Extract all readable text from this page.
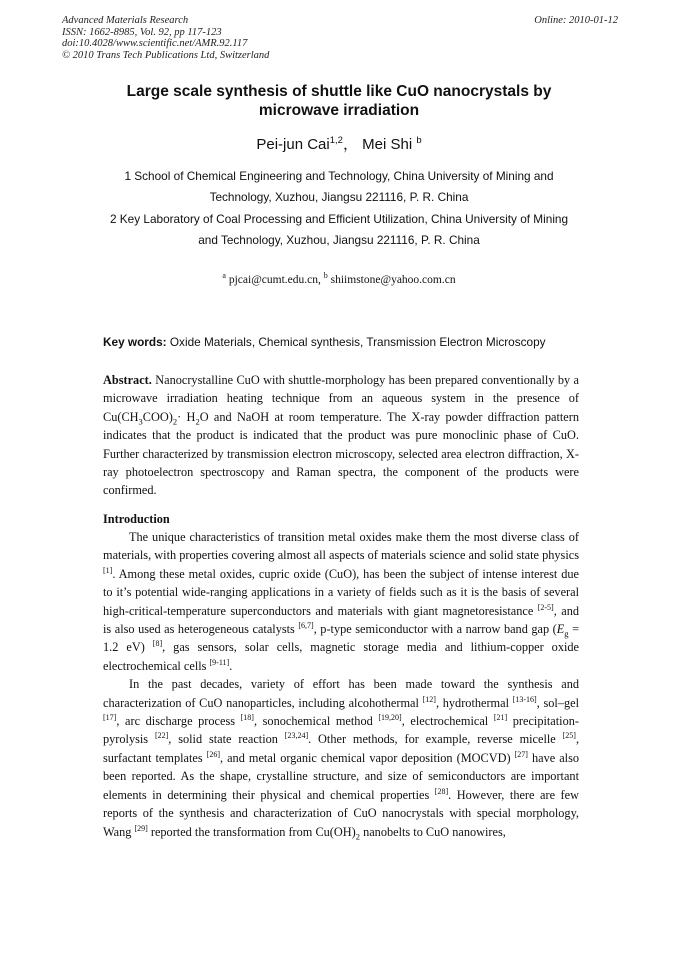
Advanced Materials Research
ISSN: 1662-8985, Vol. 92, pp 117-123
doi:10.4028/www.scientific.net/AMR.92.117
© 2010 Trans Tech Publications Ltd, Switzerland
Online: 2010-01-12
Large scale synthesis of shuttle like CuO nanocrystals by microwave irradiation
Pei-jun Cai$^{1,2}$， Mei Shi $^b$
1 School of Chemical Engineering and Technology, China University of Mining and Technology, Xuzhou, Jiangsu 221116, P. R. China
2 Key Laboratory of Coal Processing and Efficient Utilization, China University of Mining and Technology, Xuzhou, Jiangsu 221116, P. R. China
$^a$ pjcai@cumt.edu.cn, $^b$ shiimstone@yahoo.com.cn
Key words: Oxide Materials, Chemical synthesis, Transmission Electron Microscopy
Abstract. Nanocrystalline CuO with shuttle-morphology has been prepared conventionally by a microwave irradiation heating technique from an aqueous system in the presence of $Cu(CH_3COO)_2\cdot H_2O$ and NaOH at room temperature. The X-ray powder diffraction pattern indicates that the product is indicated that the product was pure monoclinic phase of CuO. Further characterized by transmission electron microscopy, selected area electron diffraction, X-ray photoelectron spectroscopy and Raman spectra, the component of the products were confirmed.
Introduction

The unique characteristics of transition metal oxides make them the most diverse class of materials, with properties covering almost all aspects of materials science and solid state physics [1]. Among these metal oxides, cupric oxide (CuO), has been the subject of intense interest due to it’s potential wide-ranging applications in a variety of fields such as it is the basis of several high-critical-temperature superconductors and materials with giant magnetoresistance [2-5], and is also used as heterogeneous catalysts [6,7], p-type semiconductor with a narrow band gap ($E_g = 1.2$ eV) [8], gas sensors, solar cells, magnetic storage media and lithium-copper oxide electrochemical cells [9-11].

In the past decades, variety of effort has been made toward the synthesis and characterization of CuO nanoparticles, including alcohothermal [12], hydrothermal [13-16], sol–gel [17], arc discharge process [18], sonochemical method [19,20], electrochemical [21] precipitation-pyrolysis [22], solid state reaction [23,24]. Other methods, for example, reverse micelle [25], surfactant templates [26], and metal organic chemical vapor deposition (MOCVD) [27] have also been reported. As the shape, crystalline structure, and size of semiconductors are important elements in determining their physical and chemical properties [28]. However, there are few reports of the synthesis and characterization of CuO nanocrystals with special morphology, Wang [29] reported the transformation from $Cu(OH)_2$ nanobelts to CuO nanowires,
